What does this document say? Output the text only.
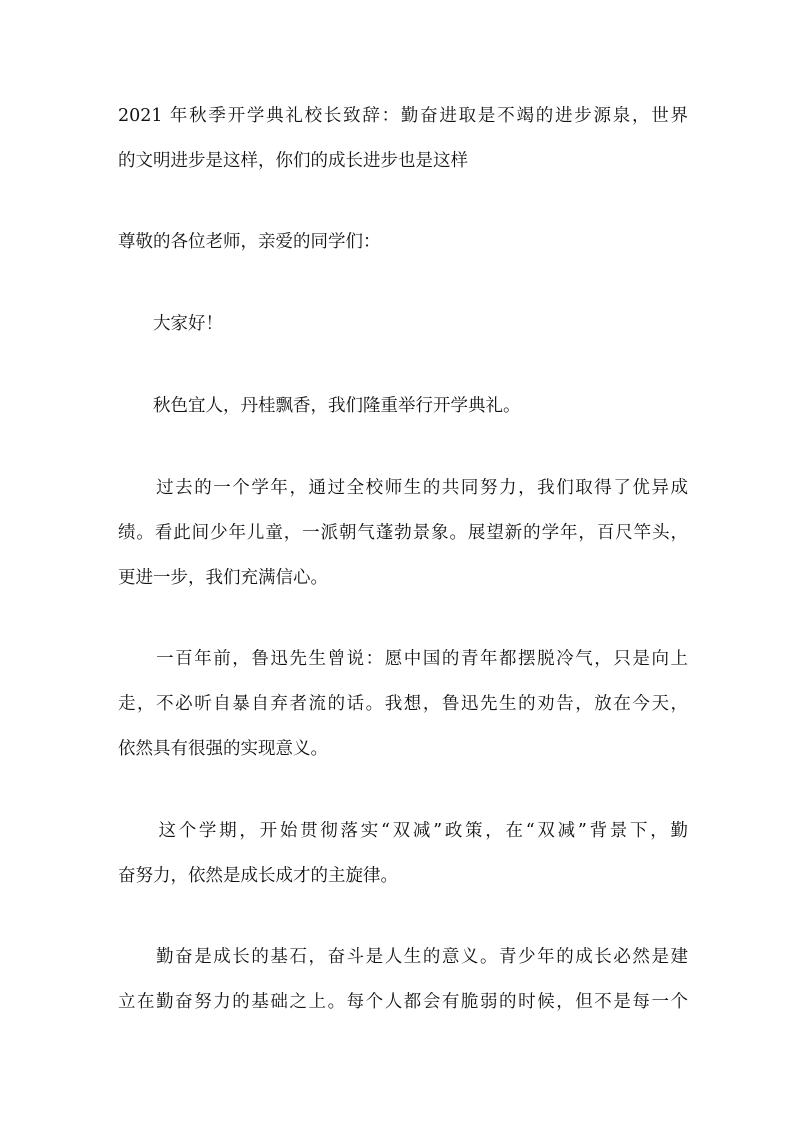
2021 年秋季开学典礼校长致辞：勤奋进取是不竭的进步源泉，世界
的文明进步是这样，你们的成长进步也是这样
尊敬的各位老师，亲爱的同学们：
　　大家好！
　　秋色宜人，丹桂飘香，我们隆重举行开学典礼。
　　过去的一个学年，通过全校师生的共同努力，我们取得了优异成
绩。看此间少年儿童，一派朝气蓬勃景象。展望新的学年，百尺竿头，
更进一步，我们充满信心。
　　一百年前，鲁迅先生曾说：愿中国的青年都摆脱冷气，只是向上
走，不必听自暴自弃者流的话。我想，鲁迅先生的劝告，放在今天，
依然具有很强的实现意义。
　　这个学期，开始贯彻落实“双减”政策，在“双减”背景下，勤
奋努力，依然是成长成才的主旋律。
　　勤奋是成长的基石，奋斗是人生的意义。青少年的成长必然是建
立在勤奋努力的基础之上。每个人都会有脆弱的时候，但不是每一个
